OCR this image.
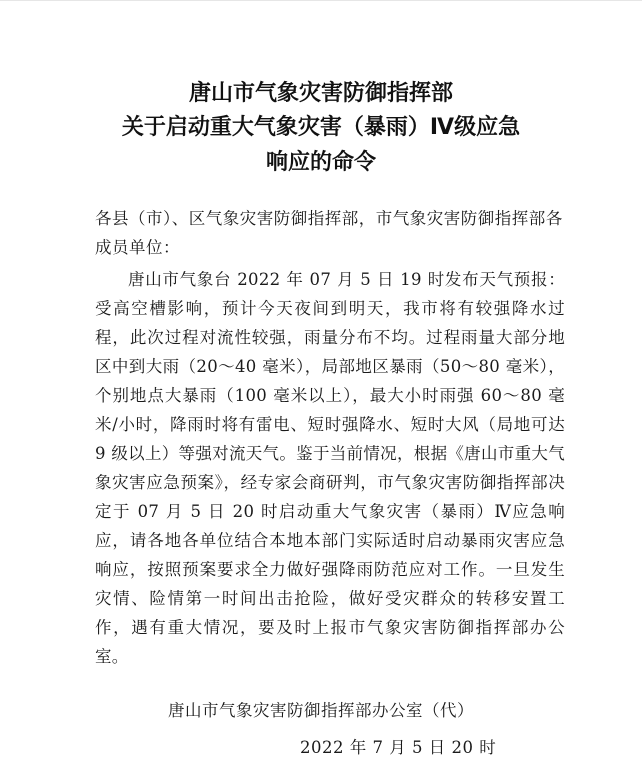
唐山市气象灾害防御指挥部
关于启动重大气象灾害（暴雨）Ⅳ级应急
响应的命令
各县（市）、区气象灾害防御指挥部，市气象灾害防御指挥部各成员单位：
唐山市气象台 2022 年 07 月 5 日 19 时发布天气预报：受高空槽影响，预计今天夜间到明天，我市将有较强降水过程，此次过程对流性较强，雨量分布不均。过程雨量大部分地区中到大雨（20～40 毫米），局部地区暴雨（50～80 毫米），个别地点大暴雨（100 毫米以上），最大小时雨强 60～80 毫米/小时，降雨时将有雷电、短时强降水、短时大风（局地可达 9 级以上）等强对流天气。鉴于当前情况，根据《唐山市重大气象灾害应急预案》，经专家会商研判，市气象灾害防御指挥部决定于 07 月 5 日 20 时启动重大气象灾害（暴雨）Ⅳ应急响应，请各地各单位结合本地本部门实际适时启动暴雨灾害应急响应，按照预案要求全力做好强降雨防范应对工作。一旦发生灾情、险情第一时间出击抢险，做好受灾群众的转移安置工作，遇有重大情况，要及时上报市气象灾害防御指挥部办公室。
唐山市气象灾害防御指挥部办公室（代）
2022 年 7 月 5 日 20 时
